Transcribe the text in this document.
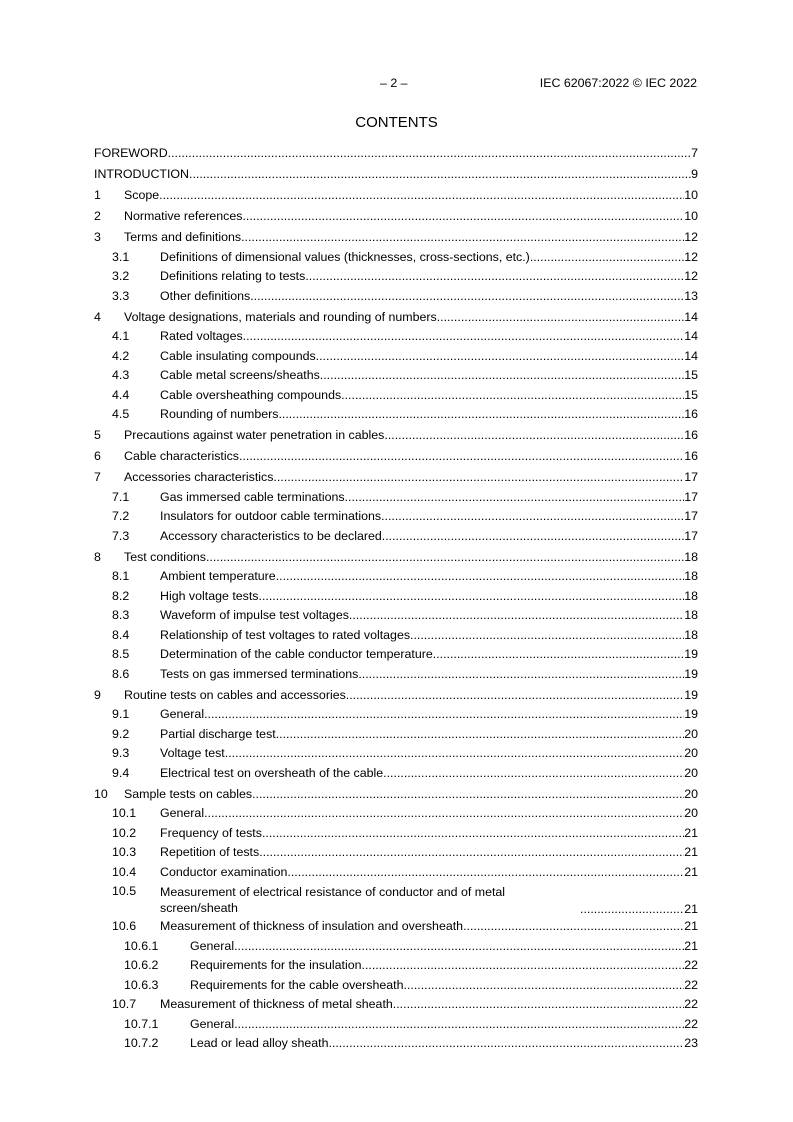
– 2 –	IEC 62067:2022 © IEC 2022
CONTENTS
FOREWORD .....	7
INTRODUCTION .....	9
1 Scope .....	10
2 Normative references .....	10
3 Terms and definitions .....	12
3.1 Definitions of dimensional values (thicknesses, cross-sections, etc.) .....	12
3.2 Definitions relating to tests .....	12
3.3 Other definitions .....	13
4 Voltage designations, materials and rounding of numbers .....	14
4.1 Rated voltages .....	14
4.2 Cable insulating compounds .....	14
4.3 Cable metal screens/sheaths .....	15
4.4 Cable oversheathing compounds .....	15
4.5 Rounding of numbers .....	16
5 Precautions against water penetration in cables .....	16
6 Cable characteristics .....	16
7 Accessories characteristics .....	17
7.1 Gas immersed cable terminations .....	17
7.2 Insulators for outdoor cable terminations .....	17
7.3 Accessory characteristics to be declared .....	17
8 Test conditions .....	18
8.1 Ambient temperature .....	18
8.2 High voltage tests .....	18
8.3 Waveform of impulse test voltages .....	18
8.4 Relationship of test voltages to rated voltages .....	18
8.5 Determination of the cable conductor temperature .....	19
8.6 Tests on gas immersed terminations .....	19
9 Routine tests on cables and accessories .....	19
9.1 General .....	19
9.2 Partial discharge test .....	20
9.3 Voltage test .....	20
9.4 Electrical test on oversheath of the cable .....	20
10 Sample tests on cables .....	20
10.1 General .....	20
10.2 Frequency of tests .....	21
10.3 Repetition of tests .....	21
10.4 Conductor examination .....	21
10.5 Measurement of electrical resistance of conductor and of metal screen/sheath .....	21
10.6 Measurement of thickness of insulation and oversheath .....	21
10.6.1	General .....	21
10.6.2	Requirements for the insulation .....	22
10.6.3	Requirements for the cable oversheath .....	22
10.7 Measurement of thickness of metal sheath .....	22
10.7.1	General .....	22
10.7.2	Lead or lead alloy sheath .....	23
